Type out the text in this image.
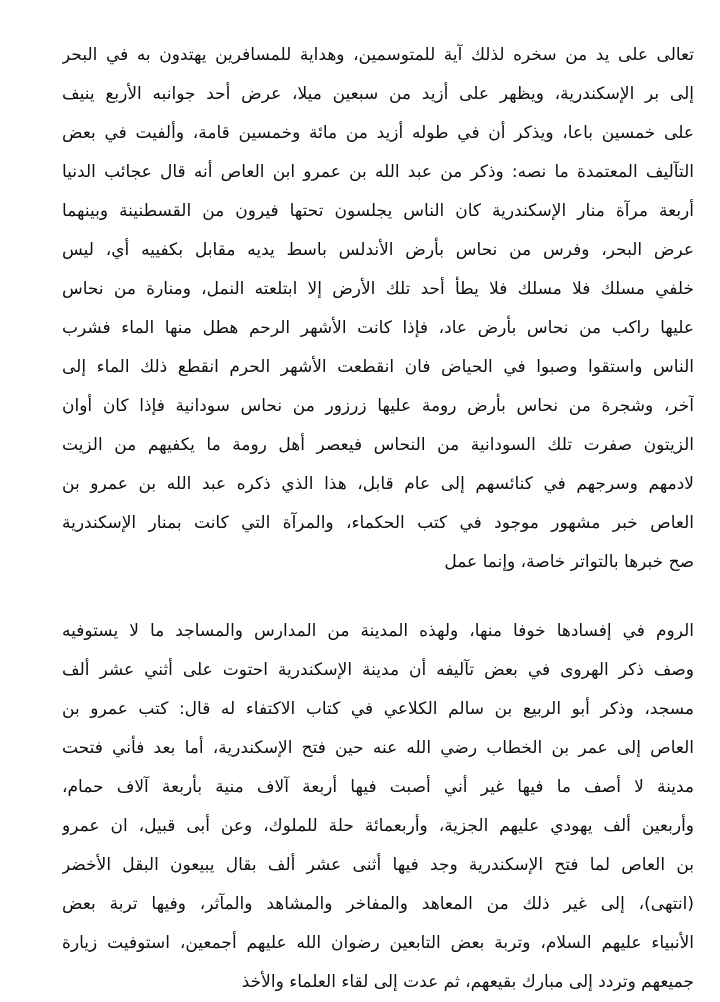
تعالى على يد من سخره لذلك آية للمتوسمين، وهداية للمسافرين يهتدون به في البحر
إلى بر الإسكندرية، ويظهر على أزيد من سبعين ميلا، عرض أحد جوانبه الأربع ينيف
على خمسين باعا، ويذكر أن في طوله أزيد من مائة وخمسين قامة، وألفيت في بعض
التآليف المعتمدة ما نصه: وذكر من عبد الله بن عمرو ابن العاص أنه قال عجائب الدنيا
أربعة مرآة منار الإسكندرية كان الناس يجلسون تحتها فيرون من القسطنينة وبينهما
عرض البحر، وفرس من نحاس بأرض الأندلس باسط يديه مقابل بكفييه أي، ليس
خلفي مسلك فلا مسلك فلا يطأ أحد تلك الأرض إلا ابتلعته النمل، ومنارة من نحاس
عليها راكب من نحاس بأرض عاد، فإذا كانت الأشهر الرحم هطل منها الماء فشرب
الناس واستقوا وصبوا في الحياض فان انقطعت الأشهر الحرم انقطع ذلك الماء إلى
آخر، وشجرة من نحاس بأرض رومة عليها زرزور من نحاس سودانية فإذا كان أوان
الزيتون صفرت تلك السودانية من النحاس فيعصر أهل رومة ما يكفيهم من الزيت
لادمهم وسرجهم في كنائسهم إلى عام قابل، هذا الذي ذكره عبد الله بن عمرو بن
العاص خبر مشهور موجود في كتب الحكماء، والمرآة التي كانت بمنار الإسكندرية
صح خبرها بالتواتر خاصة، وإنما عمل
الروم في إفسادها خوفا منها، ولهذه المدينة من المدارس والمساجد ما لا يستوفيه
وصف ذكر الهروى في بعض تآليفه أن مدينة الإسكندرية احتوت على أثني عشر ألف
مسجد، وذكر أبو الربيع بن سالم الكلاعي في كتاب الاكتفاء له قال: كتب عمرو بن
العاص إلى عمر بن الخطاب رضي الله عنه حين فتح الإسكندرية، أما بعد فأني فتحت
مدينة لا أصف ما فيها غير أني أصبت فيها أربعة آلاف منية بأربعة آلاف حمام،
وأربعين ألف يهودي عليهم الجزية، وأربعمائة حلة للملوك، وعن أبى قبيل، ان عمرو
بن العاص لما فتح الإسكندرية وجد فيها أثنى عشر ألف بقال يبيعون البقل الأخضر
(انتهى)، إلى غير ذلك من المعاهد والمفاخر والمشاهد والمآثر، وفيها تربة بعض
الأنبياء عليهم السلام، وتربة بعض التابعين رضوان الله عليهم أجمعين، استوفيت زيارة
جميعهم وتردد إلى مبارك بقيعهم، ثم عدت إلى لقاء العلماء والأخذ
